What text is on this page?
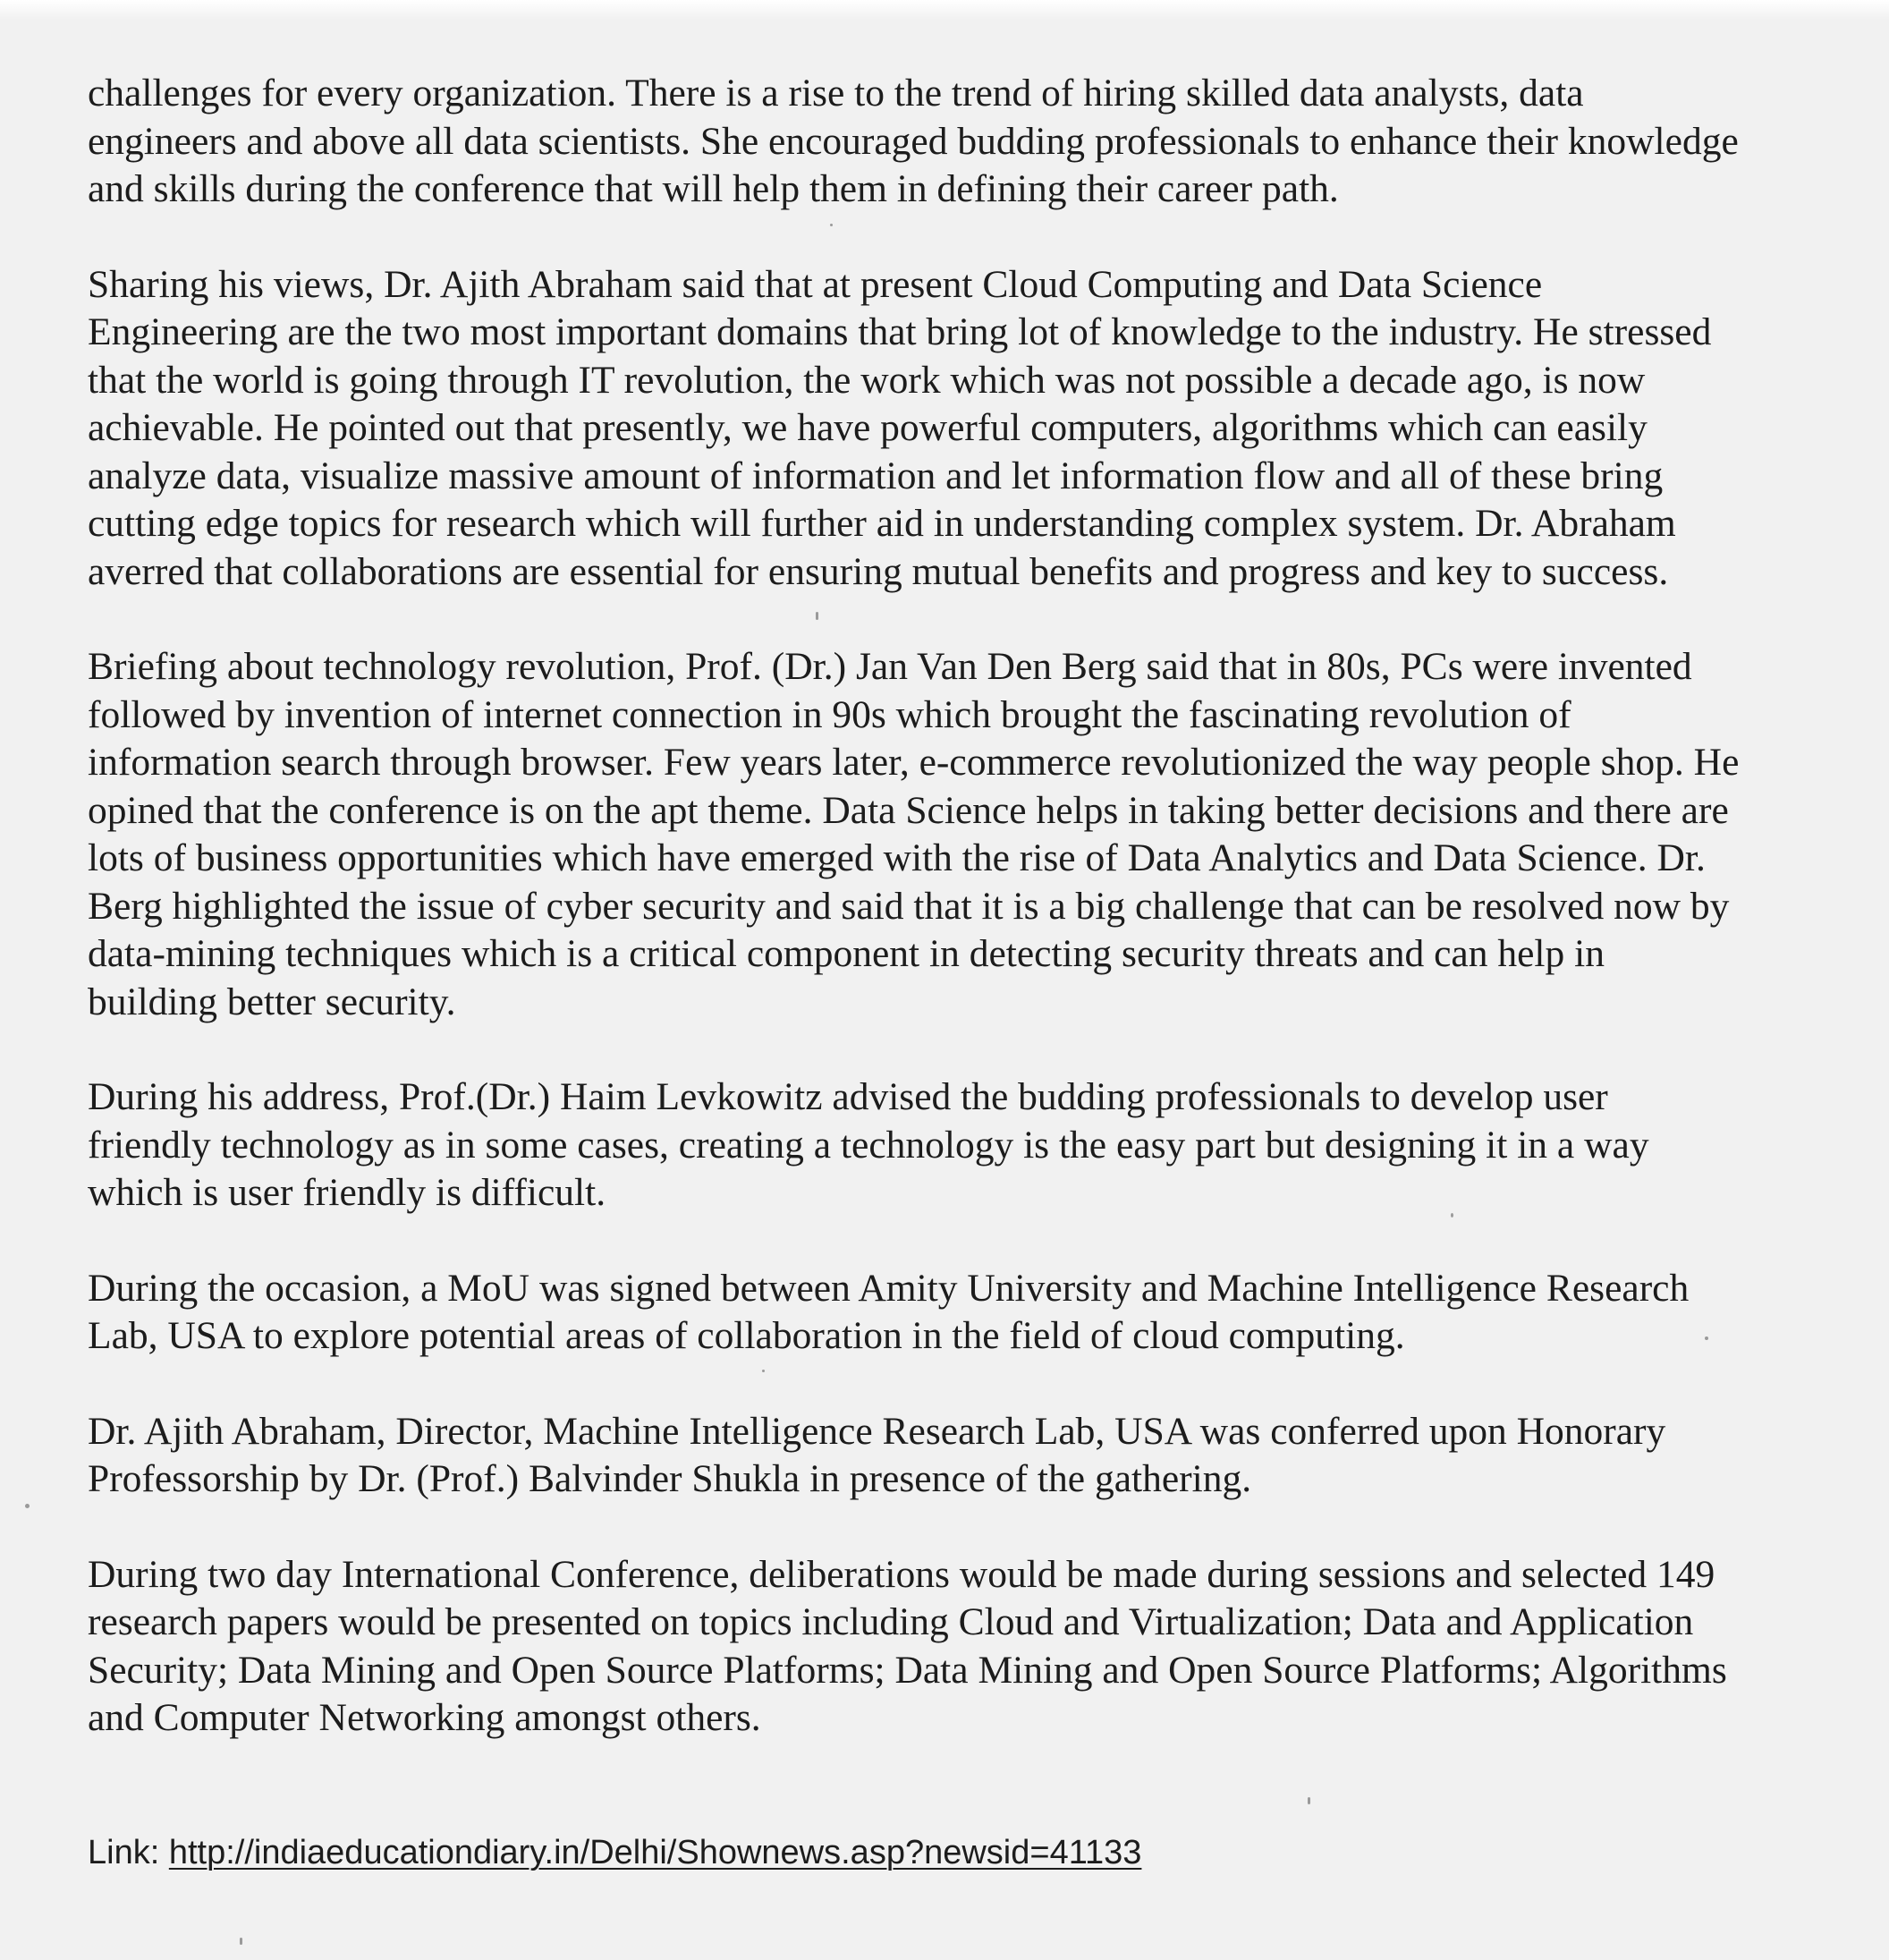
challenges for every organization. There is a rise to the trend of hiring skilled data analysts, data
engineers and above all data scientists. She encouraged budding professionals to enhance their knowledge
and skills during the conference that will help them in defining their career path.

Sharing his views, Dr. Ajith Abraham said that at present Cloud Computing and Data Science
Engineering are the two most important domains that bring lot of knowledge to the industry. He stressed
that the world is going through IT revolution, the work which was not possible a decade ago, is now
achievable. He pointed out that presently, we have powerful computers, algorithms which can easily
analyze data, visualize massive amount of information and let information flow and all of these bring
cutting edge topics for research which will further aid in understanding complex system. Dr. Abraham
averred that collaborations are essential for ensuring mutual benefits and progress and key to success.

Briefing about technology revolution, Prof. (Dr.) Jan Van Den Berg said that in 80s, PCs were invented
followed by invention of internet connection in 90s which brought the fascinating revolution of
information search through browser. Few years later, e-commerce revolutionized the way people shop. He
opined that the conference is on the apt theme. Data Science helps in taking better decisions and there are
lots of business opportunities which have emerged with the rise of Data Analytics and Data Science. Dr.
Berg highlighted the issue of cyber security and said that it is a big challenge that can be resolved now by
data-mining techniques which is a critical component in detecting security threats and can help in
building better security.

During his address, Prof.(Dr.) Haim Levkowitz advised the budding professionals to develop user
friendly technology as in some cases, creating a technology is the easy part but designing it in a way
which is user friendly is difficult.

During the occasion, a MoU was signed between Amity University and Machine Intelligence Research
Lab, USA to explore potential areas of collaboration in the field of cloud computing.

Dr. Ajith Abraham, Director, Machine Intelligence Research Lab, USA was conferred upon Honorary
Professorship by Dr. (Prof.) Balvinder Shukla in presence of the gathering.

During two day International Conference, deliberations would be made during sessions and selected 149
research papers would be presented on topics including Cloud and Virtualization; Data and Application
Security; Data Mining and Open Source Platforms; Data Mining and Open Source Platforms; Algorithms
and Computer Networking amongst others.

Link: http://indiaeducationdiary.in/Delhi/Shownews.asp?newsid=41133
